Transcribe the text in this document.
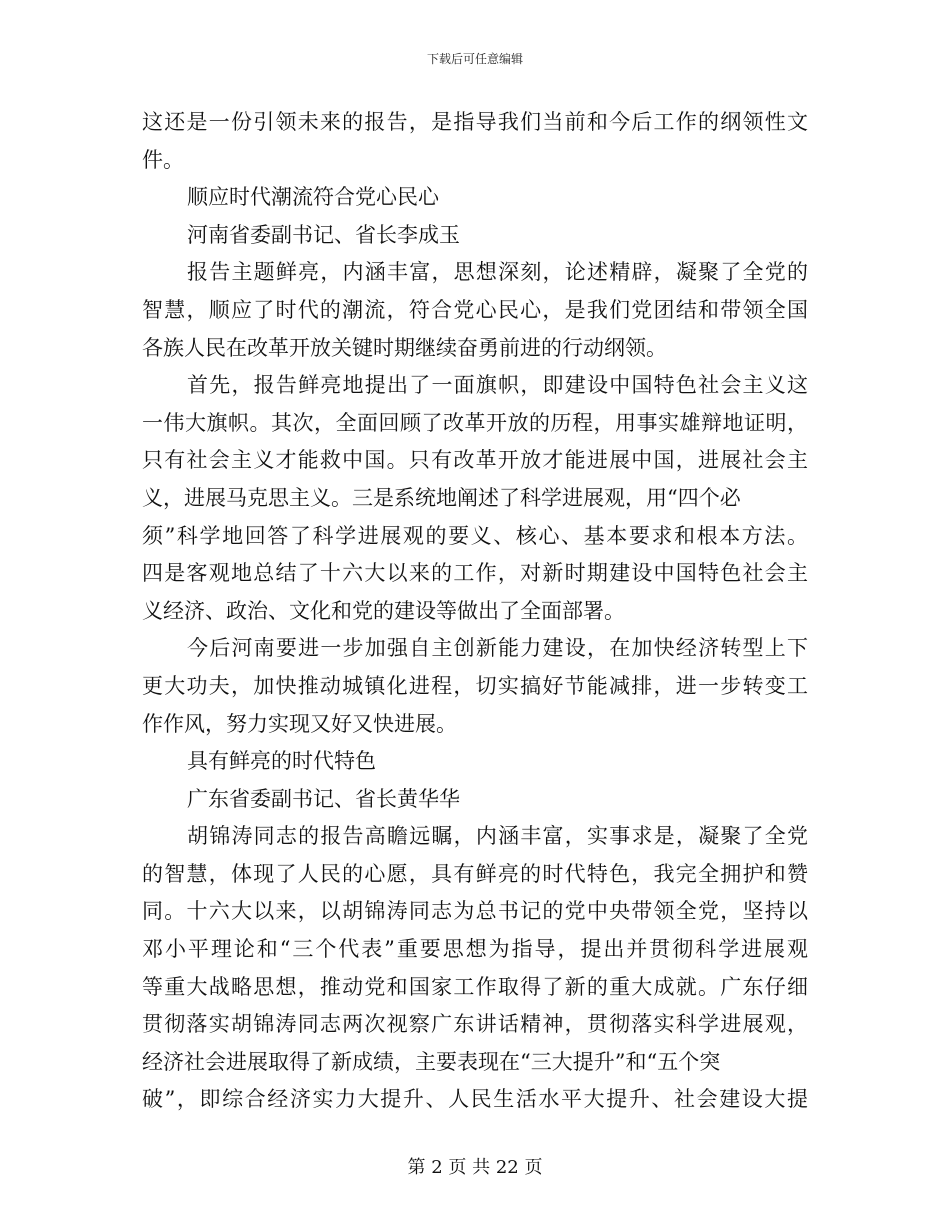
下载后可任意编辑
这还是一份引领未来的报告，是指导我们当前和今后工作的纲领性文
件。
顺应时代潮流符合党心民心
河南省委副书记、省长李成玉
报告主题鲜亮，内涵丰富，思想深刻，论述精辟，凝聚了全党的
智慧，顺应了时代的潮流，符合党心民心，是我们党团结和带领全国
各族人民在改革开放关键时期继续奋勇前进的行动纲领。
首先，报告鲜亮地提出了一面旗帜，即建设中国特色社会主义这
一伟大旗帜。其次，全面回顾了改革开放的历程，用事实雄辩地证明，
只有社会主义才能救中国。只有改革开放才能进展中国，进展社会主
义，进展马克思主义。三是系统地阐述了科学进展观，用“四个必
须”科学地回答了科学进展观的要义、核心、基本要求和根本方法。
四是客观地总结了十六大以来的工作，对新时期建设中国特色社会主
义经济、政治、文化和党的建设等做出了全面部署。
今后河南要进一步加强自主创新能力建设，在加快经济转型上下
更大功夫，加快推动城镇化进程，切实搞好节能减排，进一步转变工
作作风，努力实现又好又快进展。
具有鲜亮的时代特色
广东省委副书记、省长黄华华
胡锦涛同志的报告高瞻远瞩，内涵丰富，实事求是，凝聚了全党
的智慧，体现了人民的心愿，具有鲜亮的时代特色，我完全拥护和赞
同。十六大以来，以胡锦涛同志为总书记的党中央带领全党，坚持以
邓小平理论和“三个代表”重要思想为指导，提出并贯彻科学进展观
等重大战略思想，推动党和国家工作取得了新的重大成就。广东仔细
贯彻落实胡锦涛同志两次视察广东讲话精神，贯彻落实科学进展观，
经济社会进展取得了新成绩，主要表现在“三大提升”和“五个突
破”，即综合经济实力大提升、人民生活水平大提升、社会建设大提
第 2 页 共 22 页
